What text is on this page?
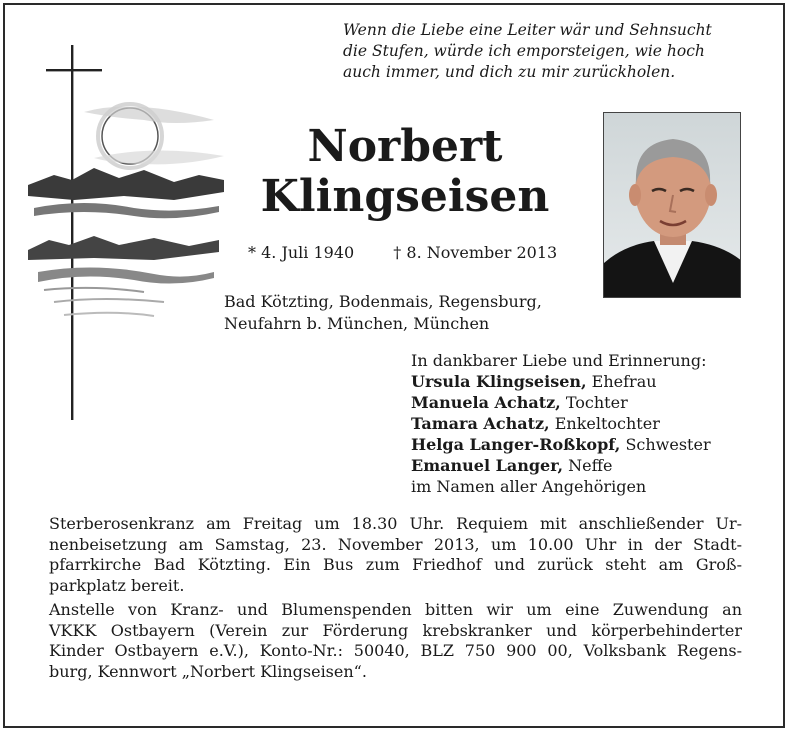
Wenn die Liebe eine Leiter wär und Sehnsucht
die Stufen, würde ich emporsteigen, wie hoch
auch immer, und dich zu mir zurückholen.

Norbert
Klingseisen
* 4. Juli 1940 † 8. November 2013
Bad Kötzting, Bodenmais, Regensburg,
Neufahrn b. München, München
In dankbarer Liebe und Erinnerung:
Ursula Klingseisen, Ehefrau
Manuela Achatz, Tochter
Tamara Achatz, Enkeltochter
Helga Langer-Roßkopf, Schwester
Emanuel Langer, Neffe
im Namen aller Angehörigen

Sterberosenkranz am Freitag um 18.30 Uhr. Requiem mit anschließender Ur-
nenbeisetzung am Samstag, 23. November 2013, um 10.00 Uhr in der Stadt-
pfarrkirche Bad Kötzting. Ein Bus zum Friedhof und zurück steht am Groß-
parkplatz bereit.

Anstelle von Kranz- und Blumenspenden bitten wir um eine Zuwendung an
VKKK Ostbayern (Verein zur Förderung krebskranker und körperbehinderter
Kinder Ostbayern e.V.), Konto-Nr.: 50040, BLZ 750 900 00, Volksbank Regens-
burg, Kennwort „Norbert Klingseisen“.
